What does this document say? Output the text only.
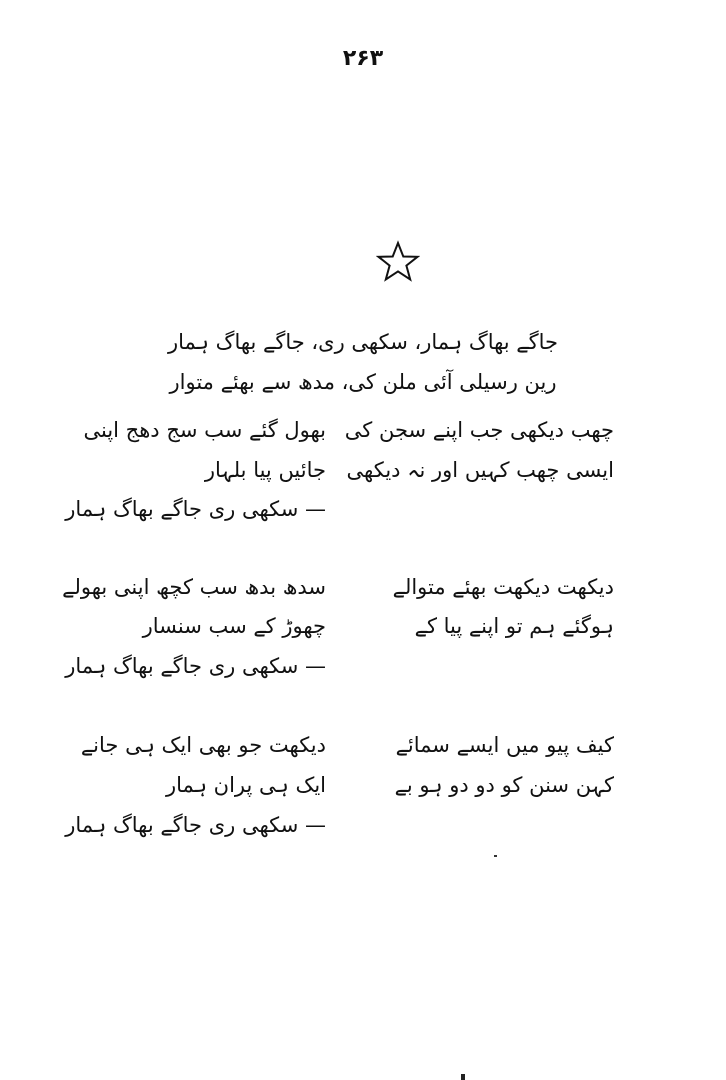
۲۶۳
جاگے بھاگ ہمار، سکھی ری، جاگے بھاگ ہمار
رین رسیلی آئی ملن کی، مدھ سے بھئے متوار
چھب دیکھی جب اپنے سجن کی
بھول گئے سب سج دھج اپنی
ایسی چھب کہیں اور نہ دیکھی
جائیں پیا بلہار
— سکھی ری جاگے بھاگ ہمار
دیکھت دیکھت بھئے متوالے
سدھ بدھ سب کچھ اپنی بھولے
ہوگئے ہم تو اپنے پیا کے
چھوڑ کے سب سنسار
— سکھی ری جاگے بھاگ ہمار
کیف پیو میں ایسے سمائے
دیکھت جو بھی ایک ہی جانے
کہن سنن کو دو دو ہو بے
ایک ہی پران ہمار
— سکھی ری جاگے بھاگ ہمار
